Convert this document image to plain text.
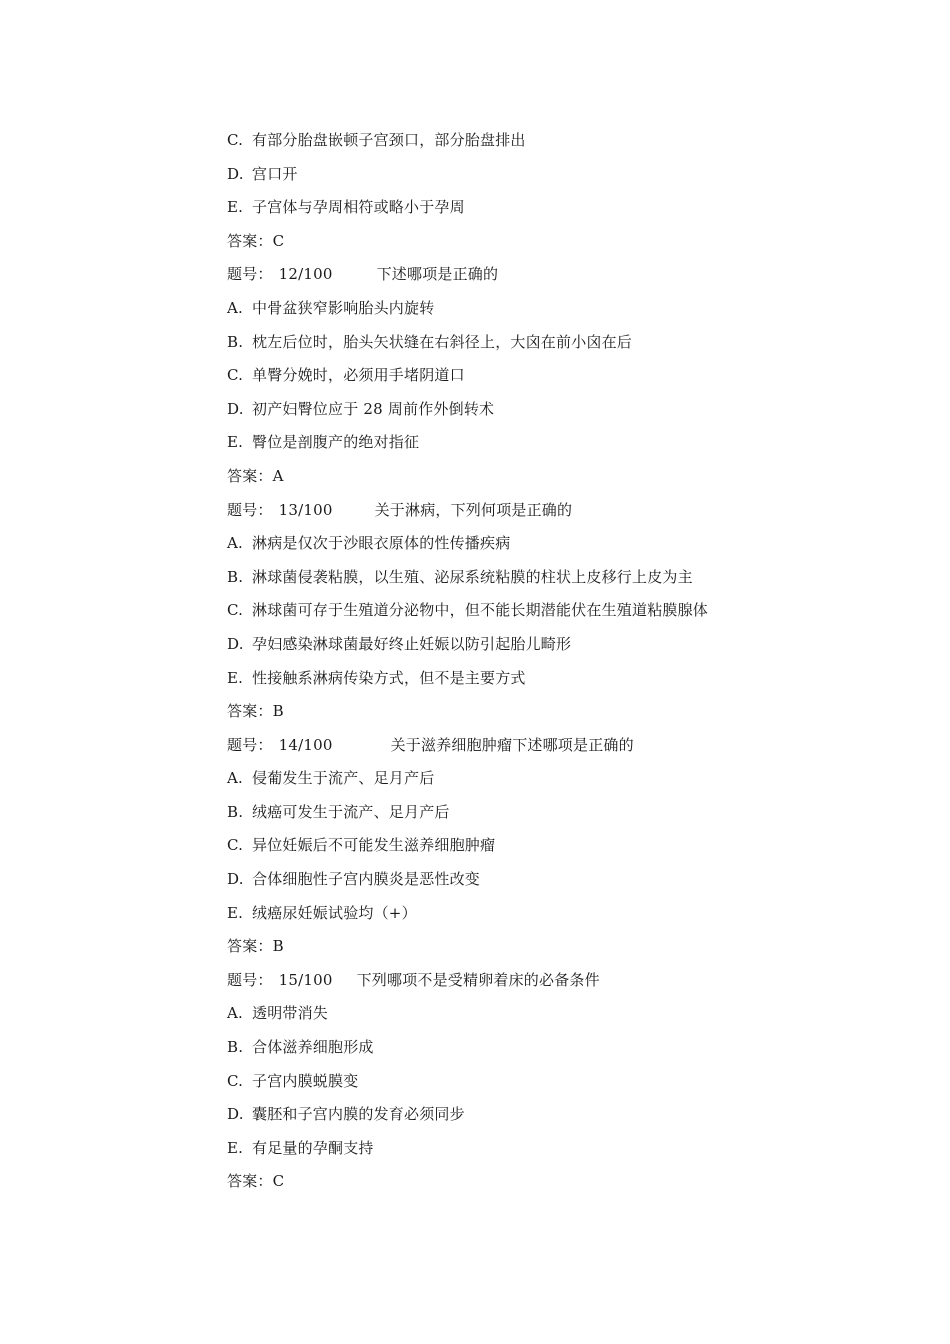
C. 有部分胎盘嵌顿子宫颈口，部分胎盘排出
D. 宫口开
E. 子宫体与孕周相符或略小于孕周
答案：C
题号： 12/100	下述哪项是正确的
A. 中骨盆狭窄影响胎头内旋转
B. 枕左后位时，胎头矢状缝在右斜径上，大囟在前小囟在后
C. 单臀分娩时，必须用手堵阴道口
D. 初产妇臀位应于 28 周前作外倒转术
E. 臀位是剖腹产的绝对指征
答案：A
题号： 13/100	关于淋病，下列何项是正确的
A. 淋病是仅次于沙眼衣原体的性传播疾病
B. 淋球菌侵袭粘膜，以生殖、泌尿系统粘膜的柱状上皮移行上皮为主
C. 淋球菌可存于生殖道分泌物中，但不能长期潜能伏在生殖道粘膜腺体
D. 孕妇感染淋球菌最好终止妊娠以防引起胎儿畸形
E. 性接触系淋病传染方式，但不是主要方式
答案：B
题号： 14/100	关于滋养细胞肿瘤下述哪项是正确的
A. 侵葡发生于流产、足月产后
B. 绒癌可发生于流产、足月产后
C. 异位妊娠后不可能发生滋养细胞肿瘤
D. 合体细胞性子宫内膜炎是恶性改变
E. 绒癌尿妊娠试验均（+）
答案：B
题号： 15/100 下列哪项不是受精卵着床的必备条件
A. 透明带消失
B. 合体滋养细胞形成
C. 子宫内膜蜕膜变
D. 囊胚和子宫内膜的发育必须同步
E. 有足量的孕酮支持
答案：C
